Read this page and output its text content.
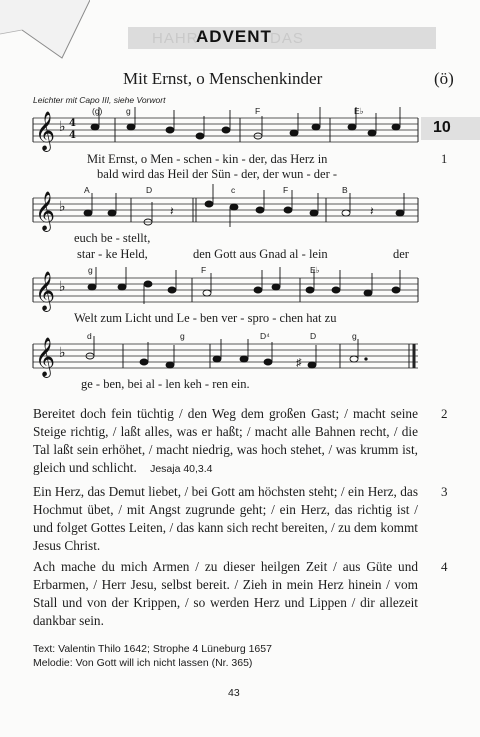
HAHR	DAS
ADVENT
Mit Ernst, o Menschenkinder	(ö)
10
Leichter mit Capo III, siehe Vorwort
(g)	g	F	E♭
A	D	c	F	B
g	F	E♭
d	g	D⁴	D	g
𝄞
𝄞
𝄞
𝄞
♭
♭
♭
♭
4
4
𝄽	𝄽
♯
Mit Ernst, o Men - schen - kin - der, das Herz in	1
bald wird das Heil der Sün - der, der wun - der -
euch be - stellt,
star - ke Held,	den Gott aus Gnad al - lein	der
Welt zum Licht und Le - ben ver - spro - chen hat zu
ge - ben, bei al - len keh - ren ein.
Bereitet doch fein tüchtig / den Weg dem großen Gast; / macht seine Steige richtig, / laßt alles, was er haßt; / macht alle Bahnen recht, / die Tal laßt sein erhöhet, / macht niedrig, was hoch stehet, / was krumm ist, gleich und schlicht. Jesaja 40,3.4
2
Ein Herz, das Demut liebet, / bei Gott am höchsten steht; / ein Herz, das Hochmut übet, / mit Angst zugrunde geht; / ein Herz, das richtig ist / und folget Gottes Leiten, / das kann sich recht bereiten, / zu dem kommt Jesus Christ.
3
Ach mache du mich Armen / zu dieser heilgen Zeit / aus Güte und Erbarmen, / Herr Jesu, selbst bereit. / Zieh in mein Herz hinein / vom Stall und von der Krippen, / so werden Herz und Lippen / dir allezeit dankbar sein.
4
Text: Valentin Thilo 1642; Strophe 4 Lüneburg 1657
Melodie: Von Gott will ich nicht lassen (Nr. 365)
43
